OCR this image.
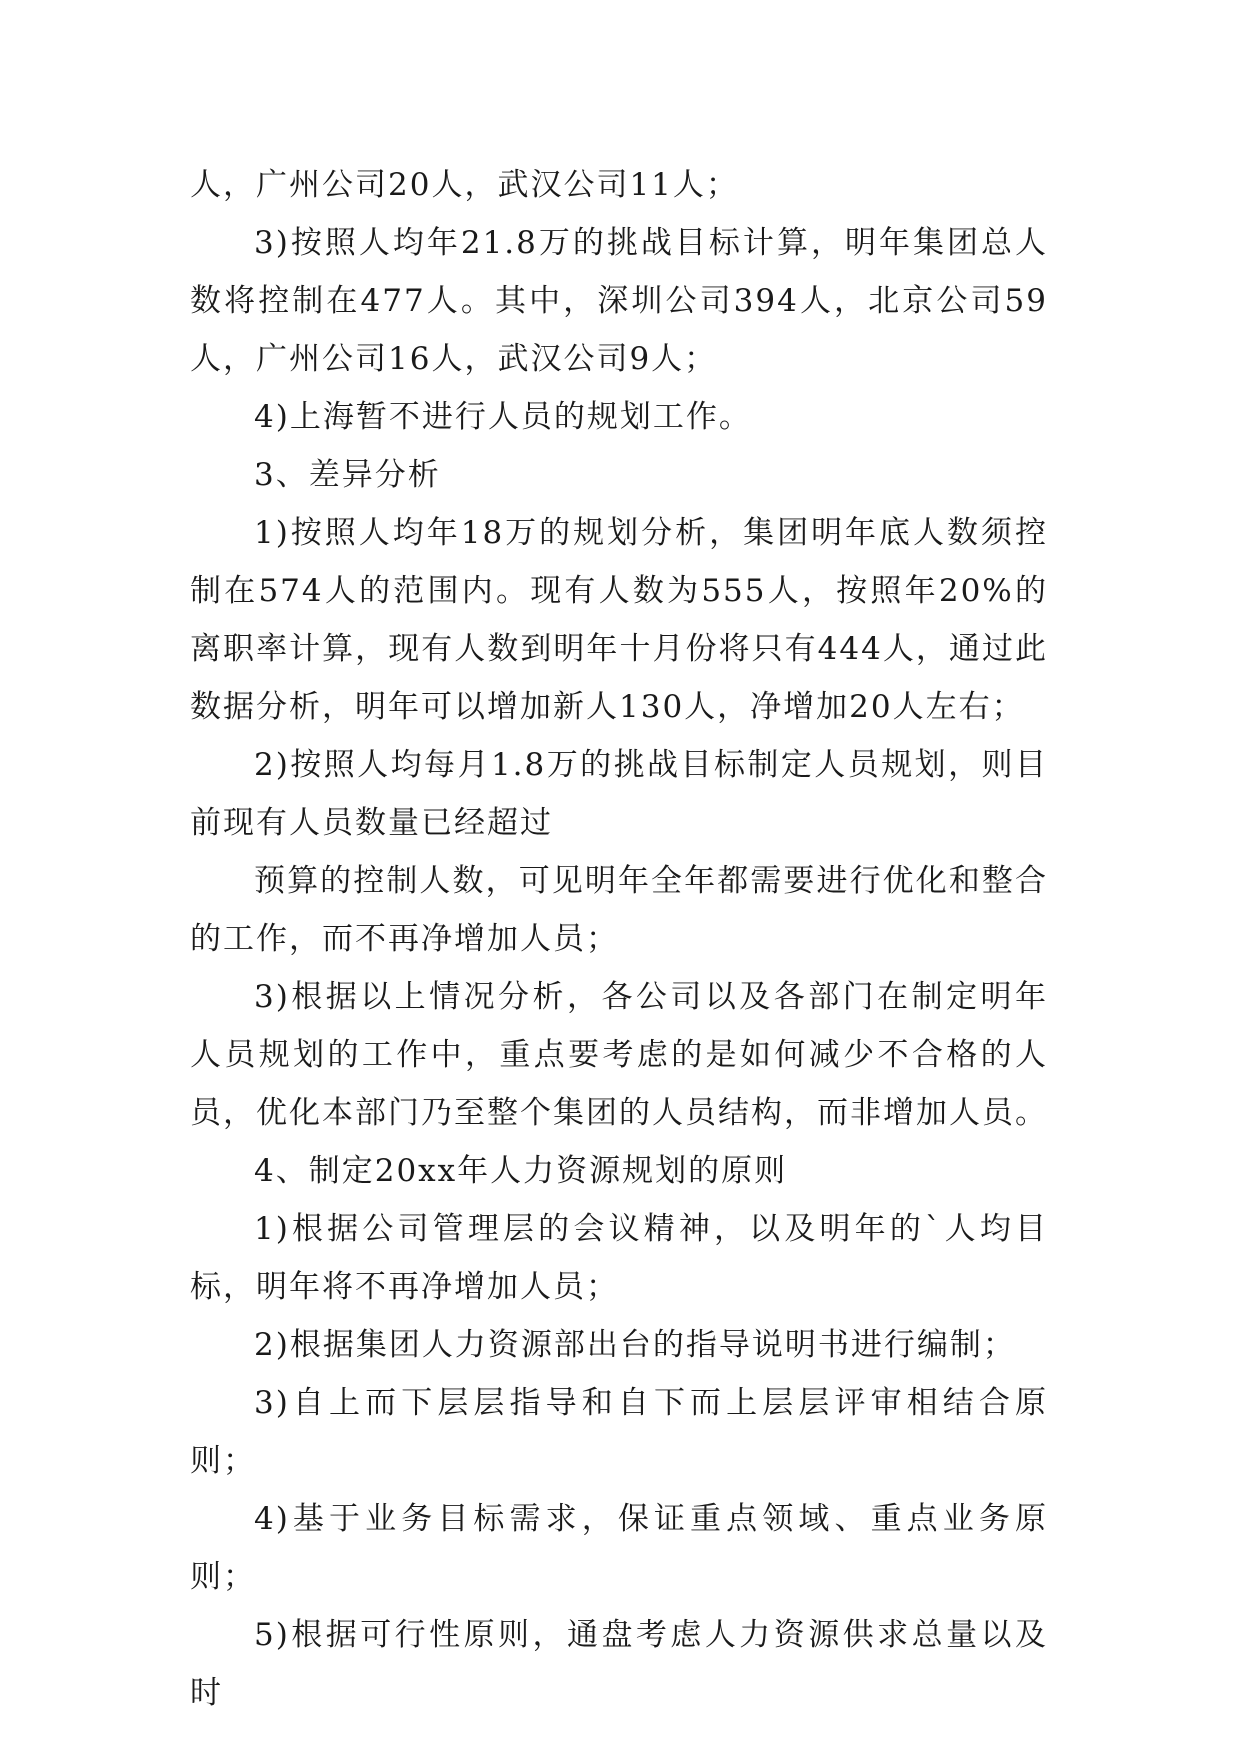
人，广州公司20人，武汉公司11人；

3)按照人均年21.8万的挑战目标计算，明年集团总人数将控制在477人。其中，深圳公司394人，北京公司59人，广州公司16人，武汉公司9人；

4)上海暂不进行人员的规划工作。

3、差异分析

1)按照人均年18万的规划分析，集团明年底人数须控制在574人的范围内。现有人数为555人，按照年20%的离职率计算，现有人数到明年十月份将只有444人，通过此数据分析，明年可以增加新人130人，净增加20人左右；

2)按照人均每月1.8万的挑战目标制定人员规划，则目前现有人员数量已经超过

预算的控制人数，可见明年全年都需要进行优化和整合的工作，而不再净增加人员；

3)根据以上情况分析，各公司以及各部门在制定明年人员规划的工作中，重点要考虑的是如何减少不合格的人员，优化本部门乃至整个集团的人员结构，而非增加人员。

4、制定20xx年人力资源规划的原则

1)根据公司管理层的会议精神，以及明年的`人均目标，明年将不再净增加人员；

2)根据集团人力资源部出台的指导说明书进行编制；

3)自上而下层层指导和自下而上层层评审相结合原则；

4)基于业务目标需求，保证重点领域、重点业务原则；

5)根据可行性原则，通盘考虑人力资源供求总量以及时
